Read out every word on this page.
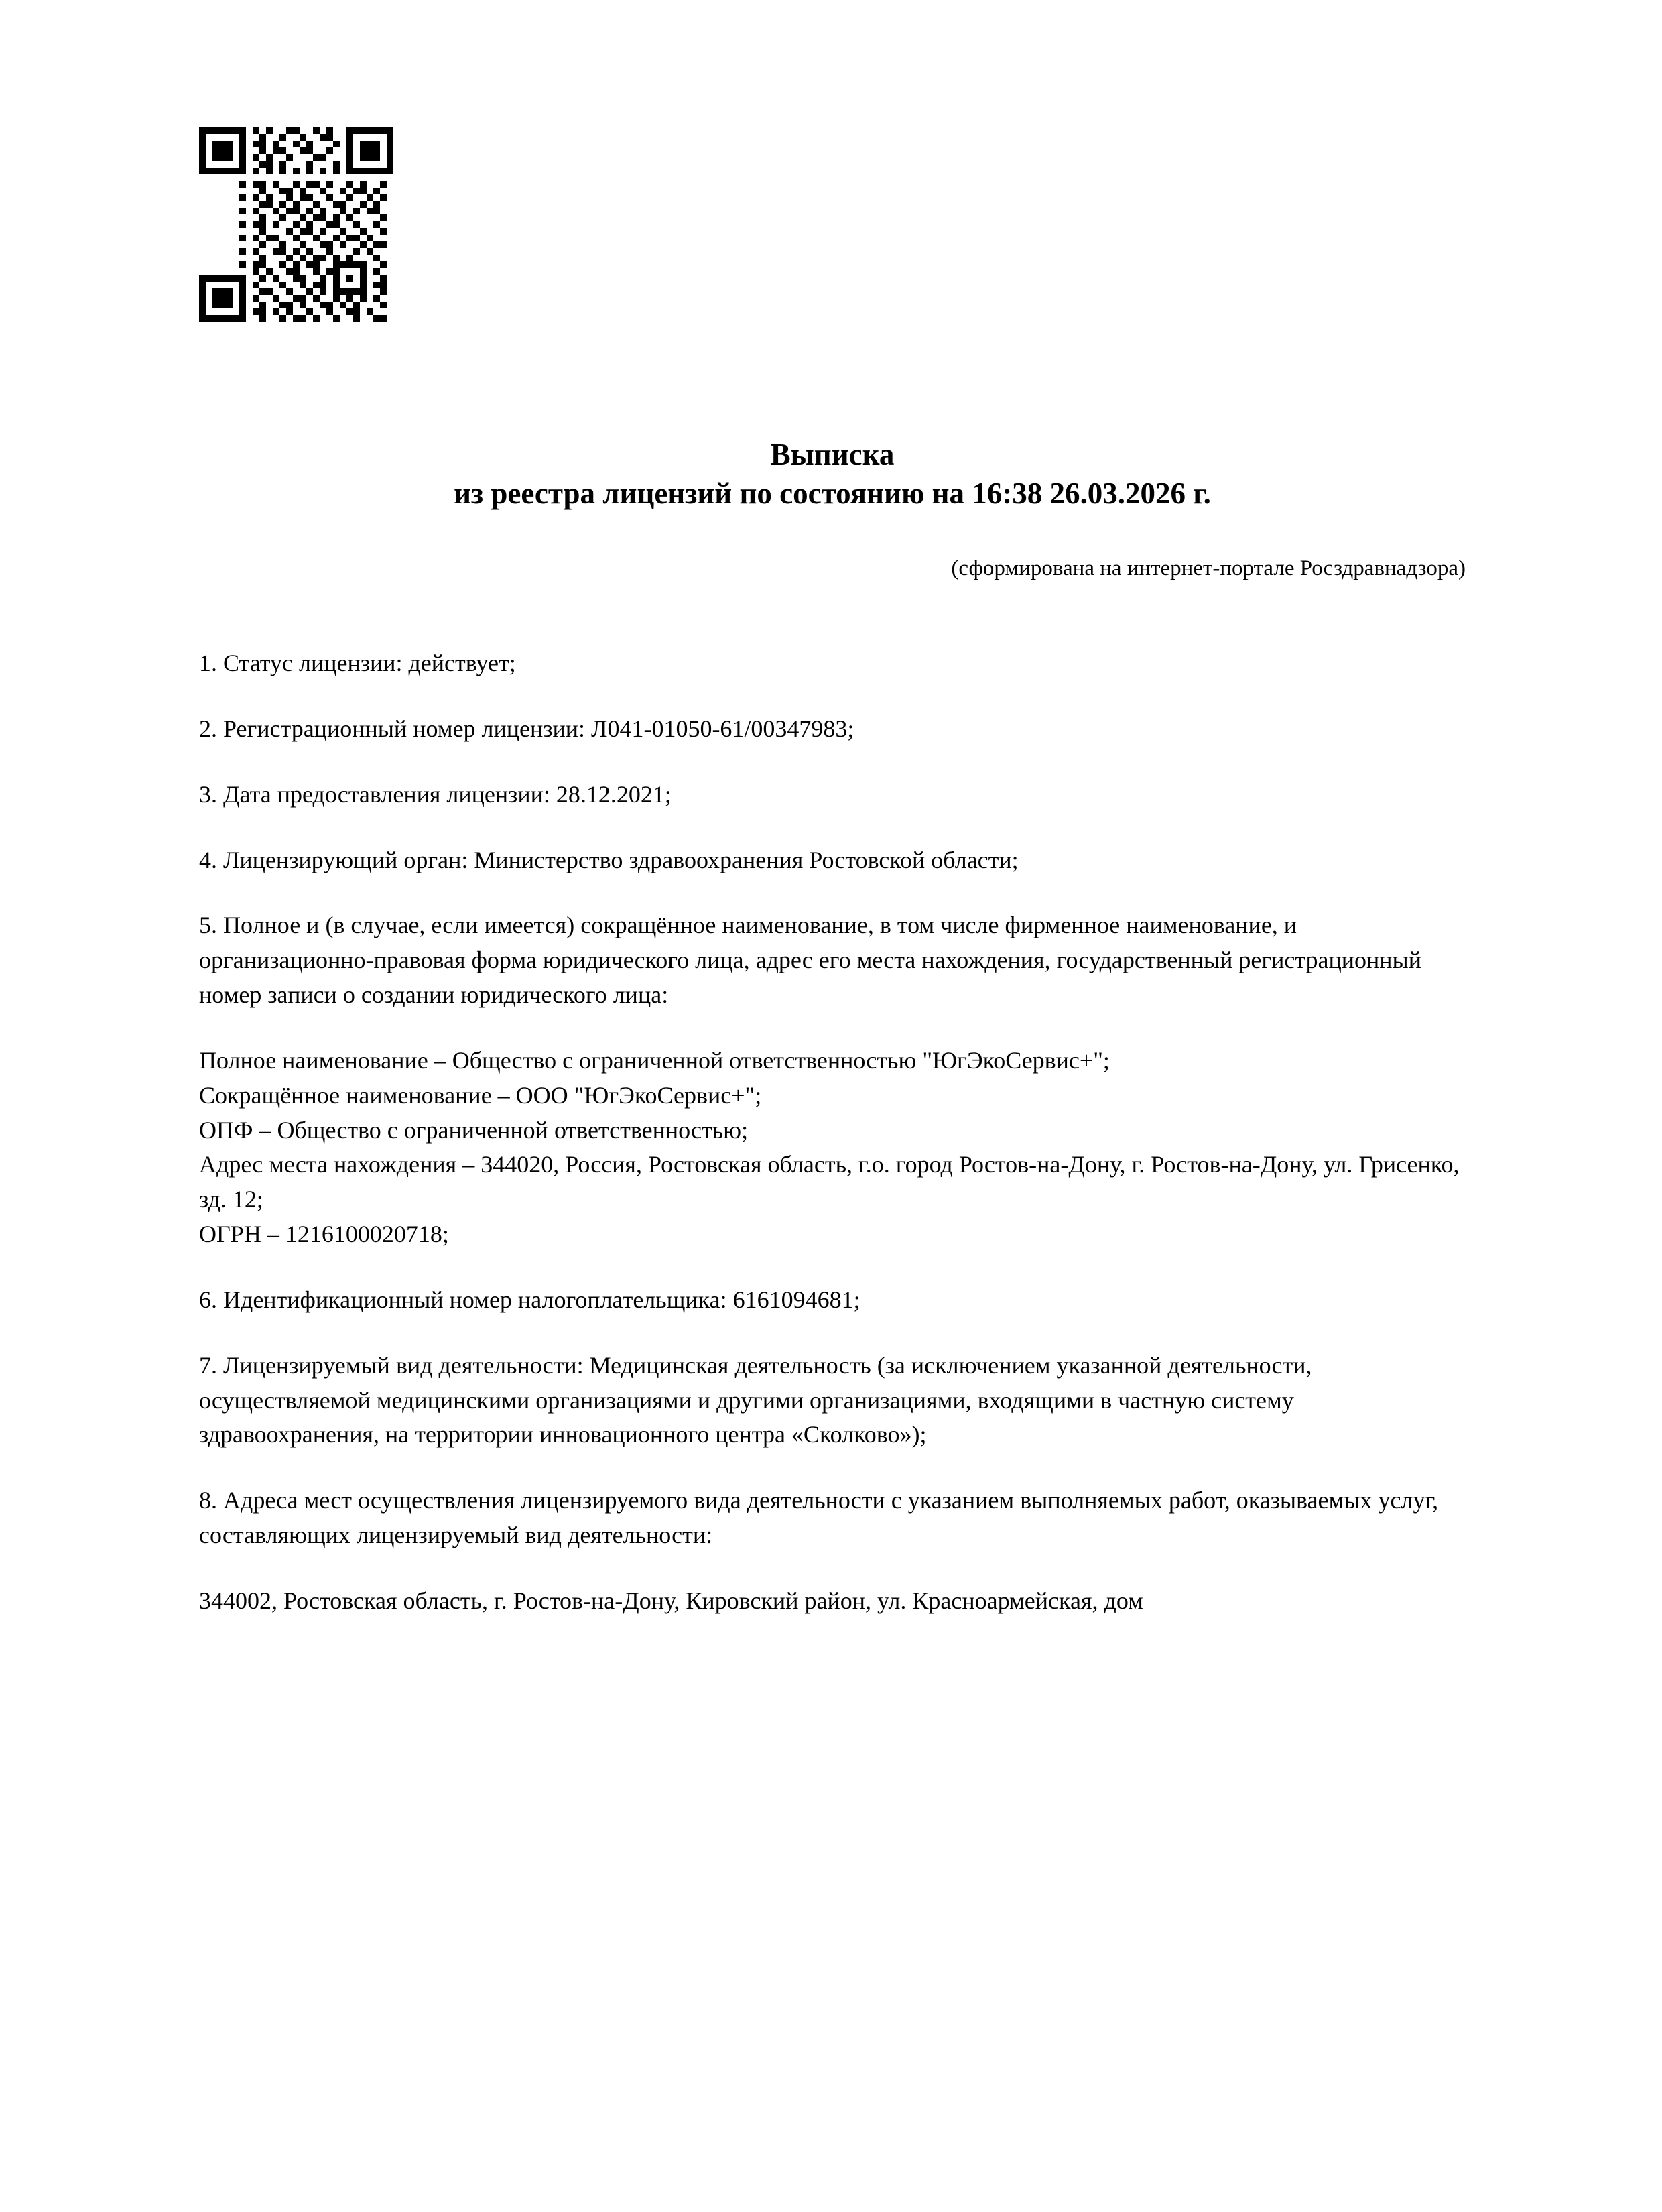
Выписка
из реестра лицензий по состоянию на 16:38 26.03.2026 г.
(сформирована на интернет-портале Росздравнадзора)

1. Статус лицензии: действует;

2. Регистрационный номер лицензии: Л041-01050-61/00347983;

3. Дата предоставления лицензии: 28.12.2021;

4. Лицензирующий орган: Министерство здравоохранения Ростовской области;

5. Полное и (в случае, если имеется) сокращённое наименование, в том числе фирменное наименование, и организационно-правовая форма юридического лица, адрес его места нахождения, государственный регистрационный номер записи о создании юридического лица:

Полное наименование – Общество с ограниченной ответственностью "ЮгЭкоСервис+";

Сокращённое наименование – ООО "ЮгЭкоСервис+";

ОПФ – Общество с ограниченной ответственностью;

Адрес места нахождения – 344020, Россия, Ростовская область, г.о. город Ростов-на-Дону, г. Ростов-на-Дону, ул. Грисенко, зд. 12;

ОГРН – 1216100020718;

6. Идентификационный номер налогоплательщика: 6161094681;

7. Лицензируемый вид деятельности: Медицинская деятельность (за исключением указанной деятельности, осуществляемой медицинскими организациями и другими организациями, входящими в частную систему здравоохранения, на территории инновационного центра «Сколково»);

8. Адреса мест осуществления лицензируемого вида деятельности с указанием выполняемых работ, оказываемых услуг, составляющих лицензируемый вид деятельности:

344002, Ростовская область, г. Ростов-на-Дону, Кировский район, ул. Красноармейская, дом
